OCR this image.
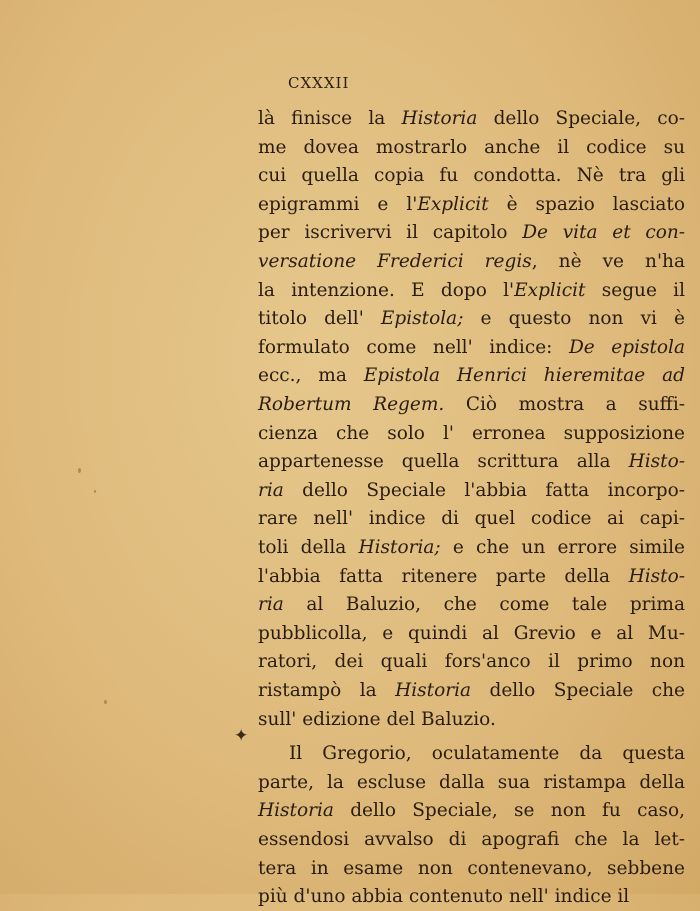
CXXXII
✦
là finisce la Historia dello Speciale, co-
me dovea mostrarlo anche il codice su
cui quella copia fu condotta. Nè tra gli
epigrammi e l'Explicit è spazio lasciato
per iscrivervi il capitolo De vita et con-
versatione Frederici regis, nè ve n'ha
la intenzione. E dopo l'Explicit segue il
titolo dell' Epistola; e questo non vi è
formulato come nell' indice: De epistola
ecc., ma Epistola Henrici hieremitae ad
Robertum Regem. Ciò mostra a suffi-
cienza che solo l' erronea supposizione
appartenesse quella scrittura alla Histo-
ria dello Speciale l'abbia fatta incorpo-
rare nell' indice di quel codice ai capi-
toli della Historia; e che un errore simile
l'abbia fatta ritenere parte della Histo-
ria al Baluzio, che come tale prima
pubblicolla, e quindi al Grevio e al Mu-
ratori, dei quali fors'anco il primo non
ristampò la Historia dello Speciale che
sull' edizione del Baluzio.
Il Gregorio, oculatamente da questa
parte, la escluse dalla sua ristampa della
Historia dello Speciale, se non fu caso,
essendosi avvalso di apografi che la let-
tera in esame non contenevano, sebbene
più d'uno abbia contenuto nell' indice il
